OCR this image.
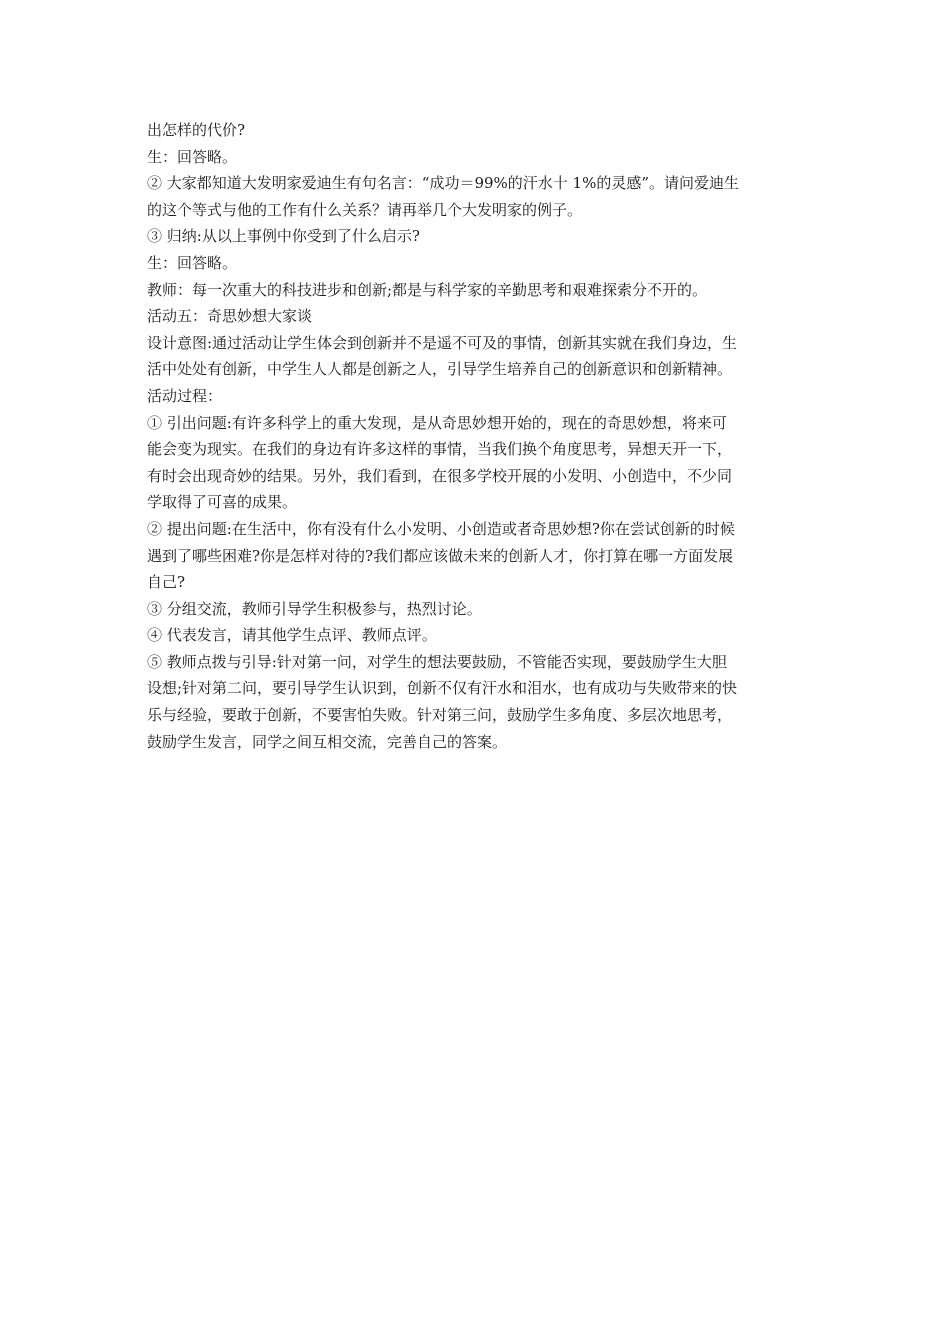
出怎样的代价?
生：回答略。
② 大家都知道大发明家爱迪生有句名言：“成功＝99%的汗水十 1%的灵感”。请问爱迪生
的这个等式与他的工作有什么关系？请再举几个大发明家的例子。
③ 归纳:从以上事例中你受到了什么启示?
生：回答略。
教师：每一次重大的科技进步和创新;都是与科学家的辛勤思考和艰难探索分不开的。
活动五：奇思妙想大家谈
设计意图:通过活动让学生体会到创新并不是遥不可及的事情，创新其实就在我们身边，生
活中处处有创新，中学生人人都是创新之人，引导学生培养自己的创新意识和创新精神。
活动过程：
① 引出问题:有许多科学上的重大发现，是从奇思妙想开始的，现在的奇思妙想，将来可
能会变为现实。在我们的身边有许多这样的事情，当我们换个角度思考，异想天开一下，
有时会出现奇妙的结果。另外，我们看到，在很多学校开展的小发明、小创造中，不少同
学取得了可喜的成果。
② 提出问题:在生活中，你有没有什么小发明、小创造或者奇思妙想?你在尝试创新的时候
遇到了哪些困难?你是怎样对待的?我们都应该做未来的创新人才，你打算在哪一方面发展
自己?
③ 分组交流，教师引导学生积极参与，热烈讨论。
④ 代表发言，请其他学生点评、教师点评。
⑤ 教师点拨与引导:针对第一问，对学生的想法要鼓励，不管能否实现，要鼓励学生大胆
设想;针对第二问，要引导学生认识到，创新不仅有汗水和泪水，也有成功与失败带来的快
乐与经验，要敢于创新，不要害怕失败。针对第三问，鼓励学生多角度、多层次地思考，
鼓励学生发言，同学之间互相交流，完善自己的答案。
